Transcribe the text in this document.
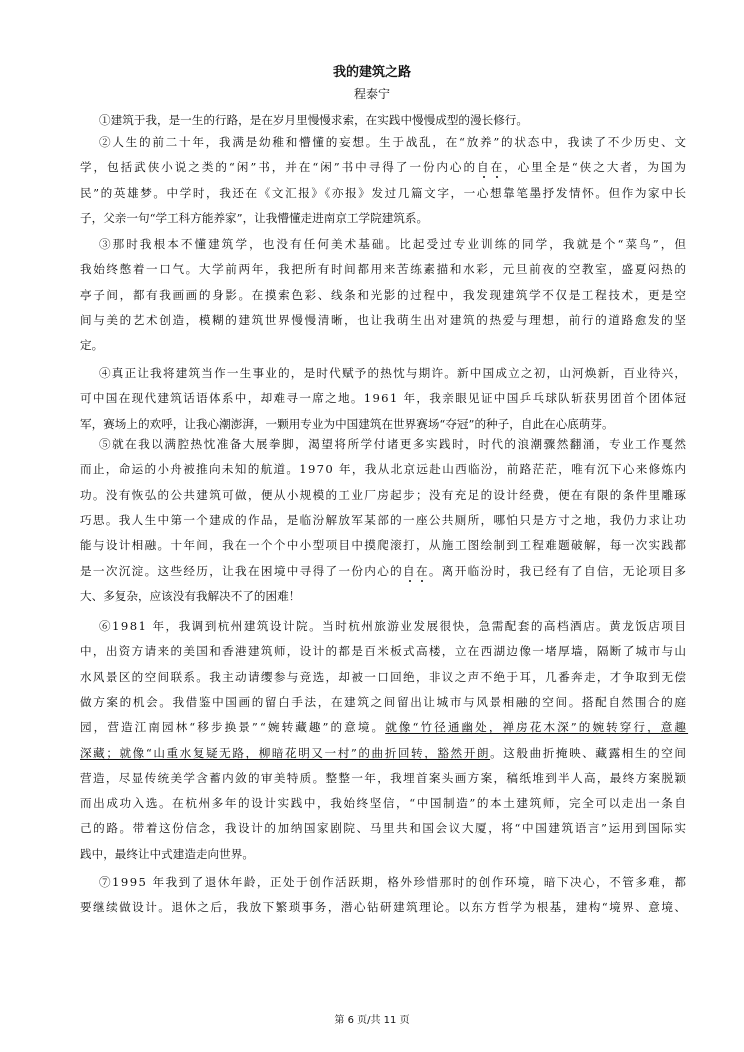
我的建筑之路
程泰宁
①建筑于我，是一生的行路，是在岁月里慢慢求索，在实践中慢慢成型的漫长修行。
②人生的前二十年，我满是幼稚和懵懂的妄想。生于战乱，在“放养”的状态中，我读了不少历史、文
学，包括武侠小说之类的“闲”书，并在“闲”书中寻得了一份内心的自在，心里全是“侠之大者，为国为
民”的英雄梦。中学时，我还在《文汇报》《亦报》发过几篇文字，一心想靠笔墨抒发情怀。但作为家中长
子，父亲一句“学工科方能养家”，让我懵懂走进南京工学院建筑系。
③那时我根本不懂建筑学，也没有任何美术基础。比起受过专业训练的同学，我就是个“菜鸟”，但
我始终憋着一口气。大学前两年，我把所有时间都用来苦练素描和水彩，元旦前夜的空教室，盛夏闷热的
亭子间，都有我画画的身影。在摸索色彩、线条和光影的过程中，我发现建筑学不仅是工程技术，更是空
间与美的艺术创造，模糊的建筑世界慢慢清晰，也让我萌生出对建筑的热爱与理想，前行的道路愈发的坚
定。
④真正让我将建筑当作一生事业的，是时代赋予的热忱与期许。新中国成立之初，山河焕新，百业待兴，
可中国在现代建筑话语体系中，却难寻一席之地。1961 年，我亲眼见证中国乒乓球队斩获男团首个团体冠
军，赛场上的欢呼，让我心潮澎湃，一颗用专业为中国建筑在世界赛场“夺冠”的种子，自此在心底萌芽。
⑤就在我以满腔热忱准备大展拳脚，渴望将所学付诸更多实践时，时代的浪潮骤然翻涌，专业工作戛然
而止，命运的小舟被推向未知的航道。1970 年，我从北京远赴山西临汾，前路茫茫，唯有沉下心来修炼内
功。没有恢弘的公共建筑可做，便从小规模的工业厂房起步；没有充足的设计经费，便在有限的条件里雕琢
巧思。我人生中第一个建成的作品，是临汾解放军某部的一座公共厕所，哪怕只是方寸之地，我仍力求让功
能与设计相融。十年间，我在一个个中小型项目中摸爬滚打，从施工图绘制到工程难题破解，每一次实践都
是一次沉淀。这些经历，让我在困境中寻得了一份内心的自在。离开临汾时，我已经有了自信，无论项目多
大、多复杂，应该没有我解决不了的困难！
⑥1981 年，我调到杭州建筑设计院。当时杭州旅游业发展很快，急需配套的高档酒店。黄龙饭店项目
中，出资方请来的美国和香港建筑师，设计的都是百米板式高楼，立在西湖边像一堵厚墙，隔断了城市与山
水风景区的空间联系。我主动请缨参与竞选，却被一口回绝，非议之声不绝于耳，几番奔走，才争取到无偿
做方案的机会。我借鉴中国画的留白手法，在建筑之间留出让城市与风景相融的空间。搭配自然围合的庭
园，营造江南园林“移步换景”“婉转藏趣”的意境。就像“竹径通幽处，禅房花木深”的婉转穿行，意趣
深藏；就像“山重水复疑无路，柳暗花明又一村”的曲折回转，豁然开朗。这般曲折掩映、藏露相生的空间
营造，尽显传统美学含蓄内敛的审美特质。整整一年，我埋首案头画方案，稿纸堆到半人高，最终方案脱颖
而出成功入选。在杭州多年的设计实践中，我始终坚信，“中国制造”的本土建筑师，完全可以走出一条自
己的路。带着这份信念，我设计的加纳国家剧院、马里共和国会议大厦，将“中国建筑语言”运用到国际实
践中，最终让中式建造走向世界。
⑦1995 年我到了退休年龄，正处于创作活跃期，格外珍惜那时的创作环境，暗下决心，不管多难，都
要继续做设计。退休之后，我放下繁琐事务，潜心钻研建筑理论。以东方哲学为根基，建构“境界、意境、
第 6 页/共 11 页
